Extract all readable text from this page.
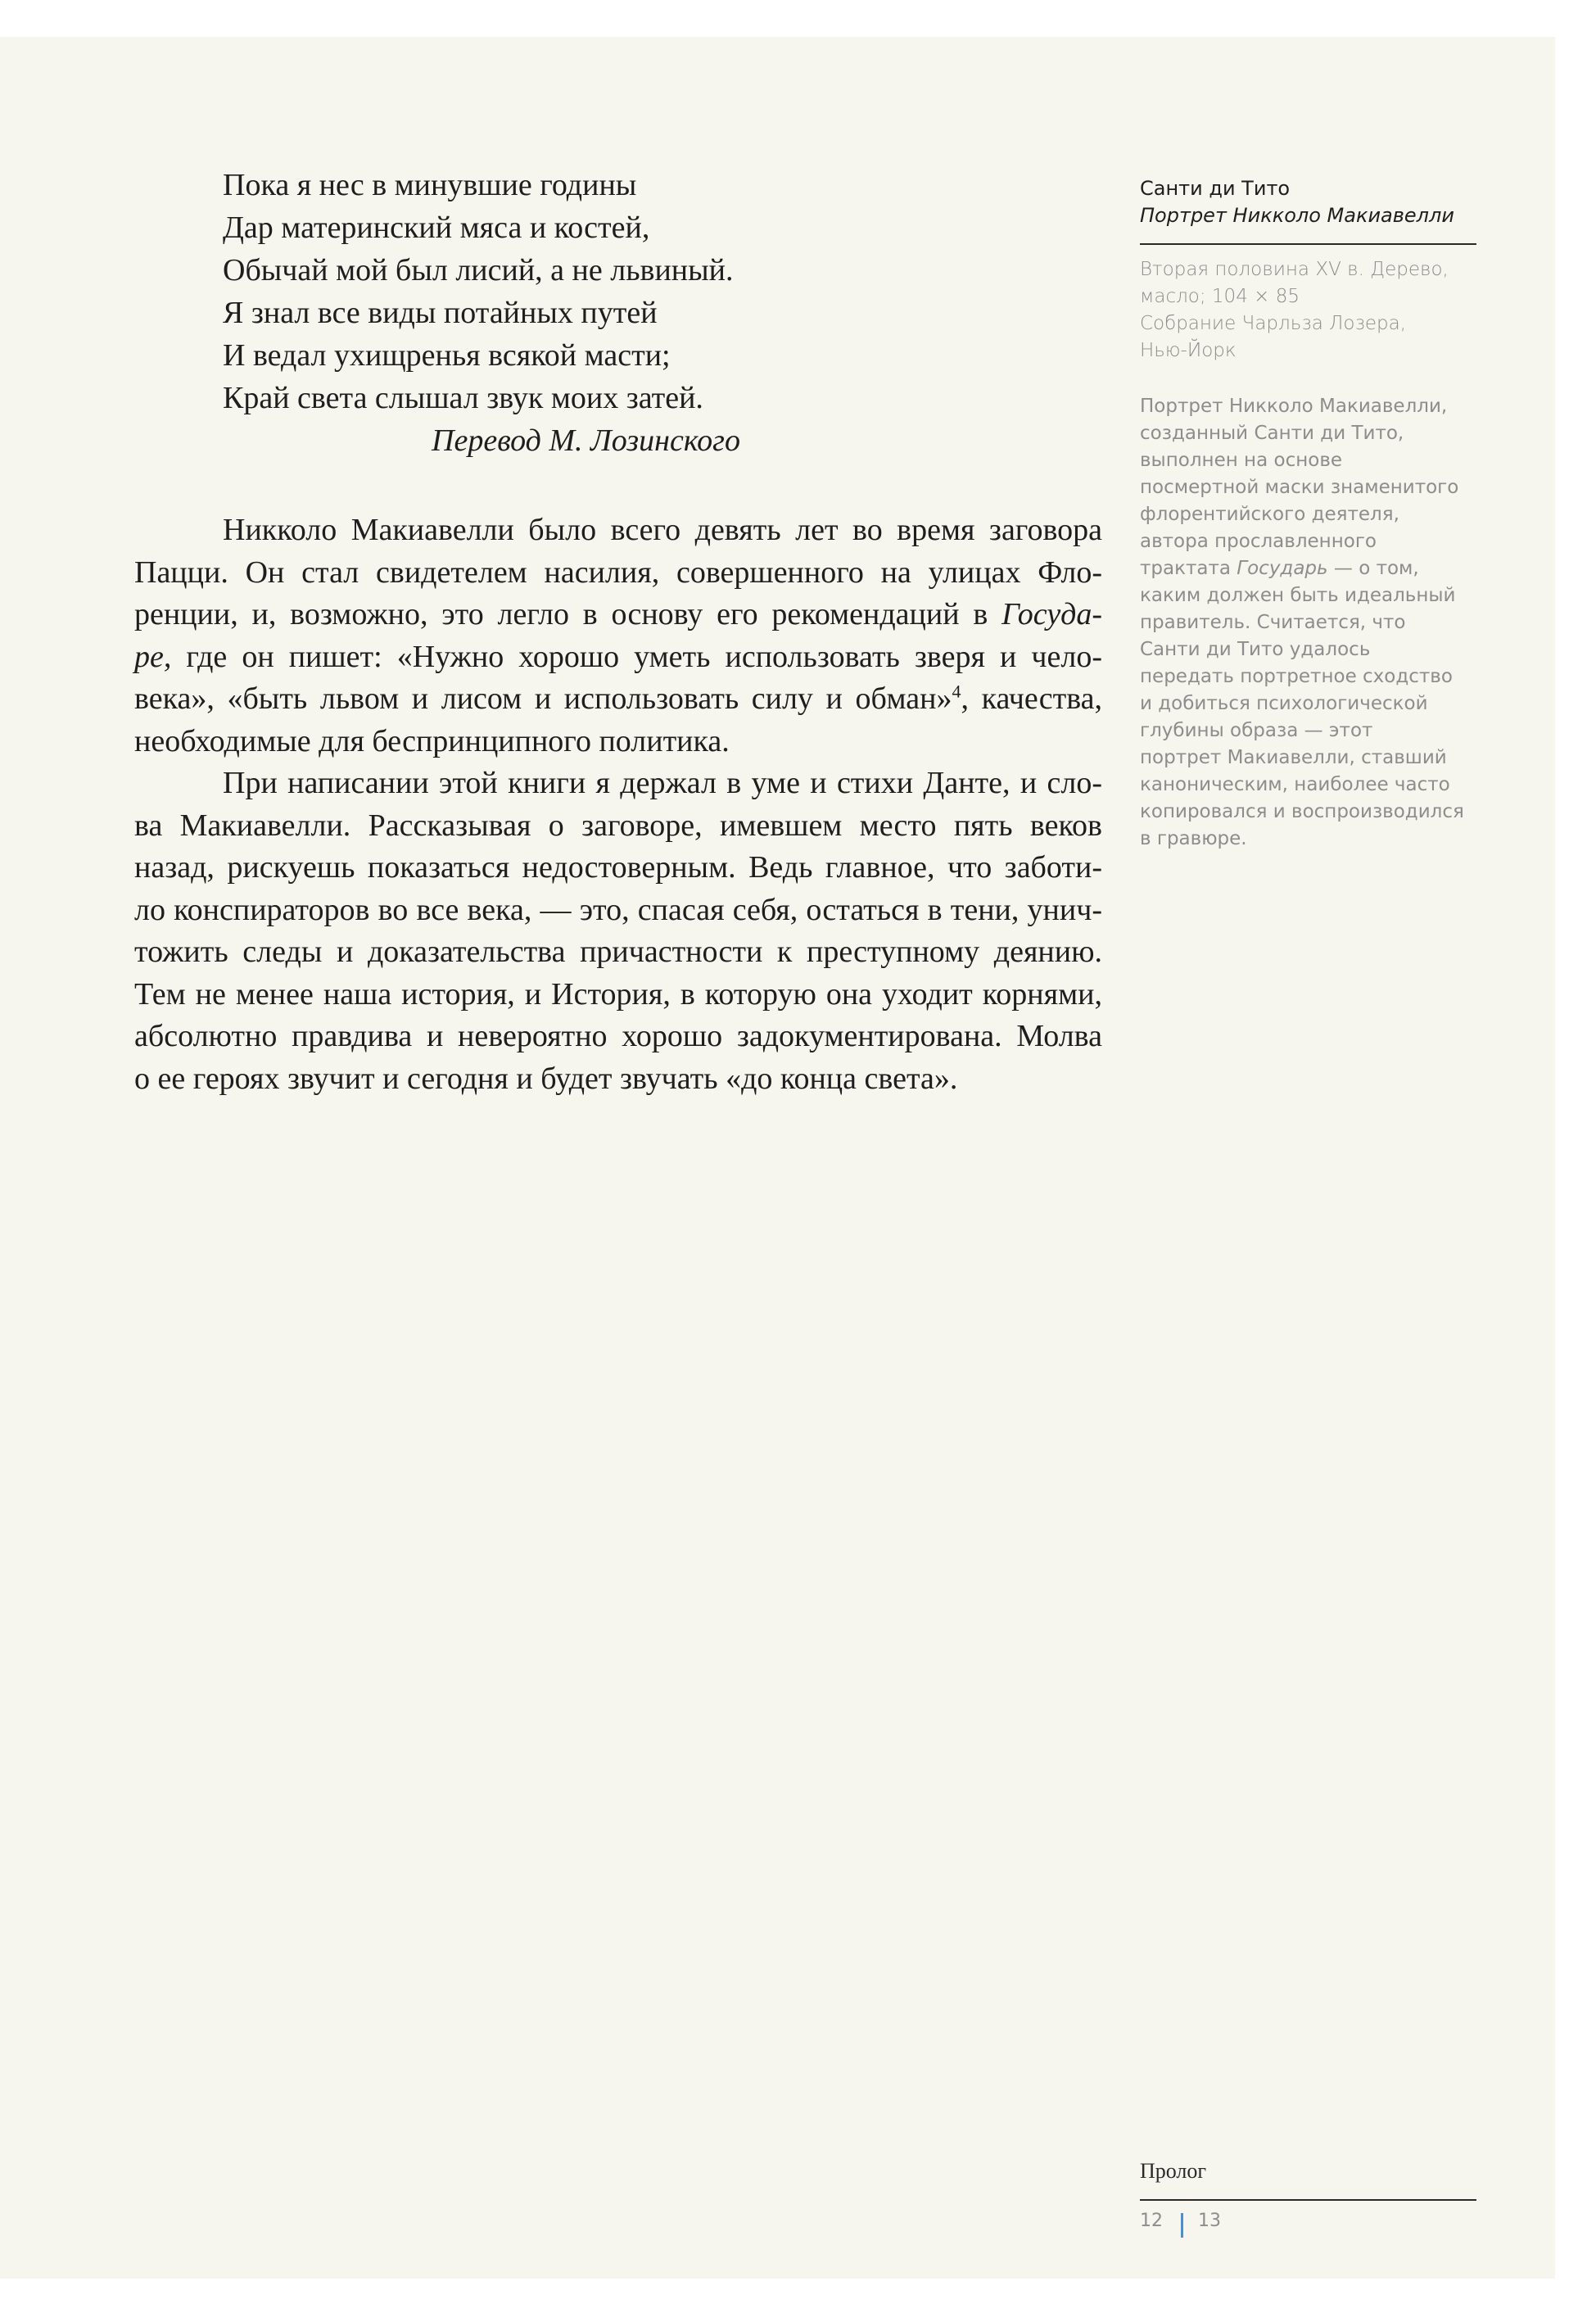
Пока я нес в минувшие годины
Дар материнский мяса и костей,
Обычай мой был лисий, а не львиный.
Я знал все виды потайных путей
И ведал ухищренья всякой масти;
Край света слышал звук моих затей.
Перевод М. Лозинского
Никколо Макиавелли было всего девять лет во время заговора
Пацци. Он стал свидетелем насилия, совершенного на улицах Фло-
ренции, и, возможно, это легло в основу его рекомендаций в Госуда-
ре, где он пишет: «Нужно хорошо уметь использовать зверя и чело-
века», «быть львом и лисом и использовать силу и обман»$^4$, качества,
необходимые для беспринципного политика.
При написании этой книги я держал в уме и стихи Данте, и сло-
ва Макиавелли. Рассказывая о заговоре, имевшем место пять веков
назад, рискуешь показаться недостоверным. Ведь главное, что заботи-
ло конспираторов во все века, — это, спасая себя, остаться в тени, унич-
тожить следы и доказательства причастности к преступному деянию.
Тем не менее наша история, и История, в которую она уходит корнями,
абсолютно правдива и невероятно хорошо задокументирована. Молва
о ее героях звучит и сегодня и будет звучать «до конца света».
Санти ди Тито
Портрет Никколо Макиавелли
Вторая половина XV в. Дерево,
масло; 104 × 85
Собрание Чарльза Лозера,
Нью-Йорк
Портрет Никколо Макиавелли,
созданный Санти ди Тито,
выполнен на основе
посмертной маски знаменитого
флорентийского деятеля,
автора прославленного
трактата Государь — о том,
каким должен быть идеальный
правитель. Считается, что
Санти ди Тито удалось
передать портретное сходство
и добиться психологической
глубины образа — этот
портрет Макиавелли, ставший
каноническим, наиболее часто
копировался и воспроизводился
в гравюре.
Пролог
12 13
